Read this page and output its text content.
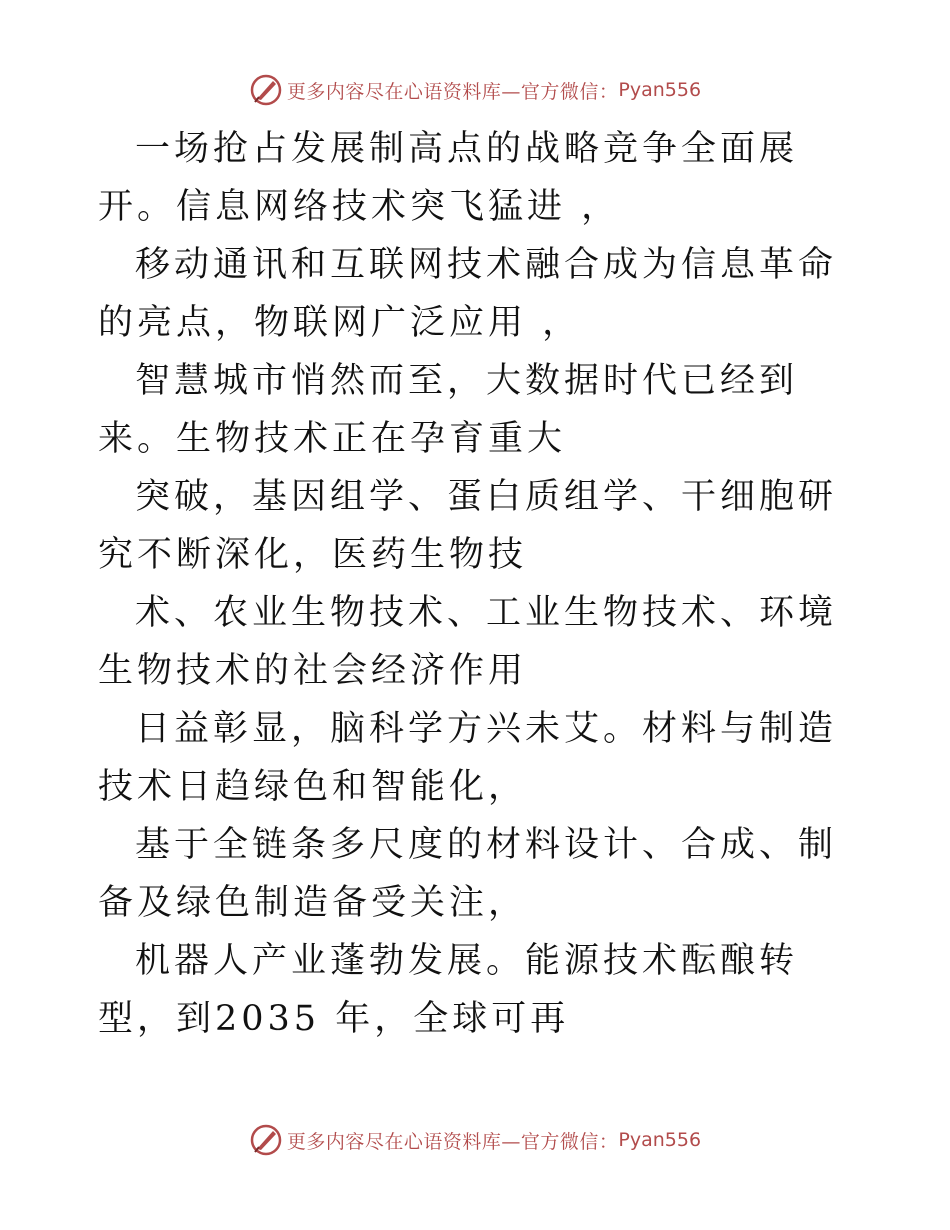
更多内容尽在心语资料库—官方微信： Pyan556

一场抢占发展制高点的战略竞争全面展开。信息网络技术突飞猛进 ，

移动通讯和互联网技术融合成为信息革命的亮点，物联网广泛应用 ，

智慧城市悄然而至，大数据时代已经到来。生物技术正在孕育重大

突破，基因组学、蛋白质组学、干细胞研究不断深化，医药生物技

术、农业生物技术、工业生物技术、环境生物技术的社会经济作用

日益彰显，脑科学方兴未艾。材料与制造技术日趋绿色和智能化，

基于全链条多尺度的材料设计、合成、制备及绿色制造备受关注，

机器人产业蓬勃发展。能源技术酝酿转型，到2035 年，全球可再

更多内容尽在心语资料库—官方微信： Pyan556
